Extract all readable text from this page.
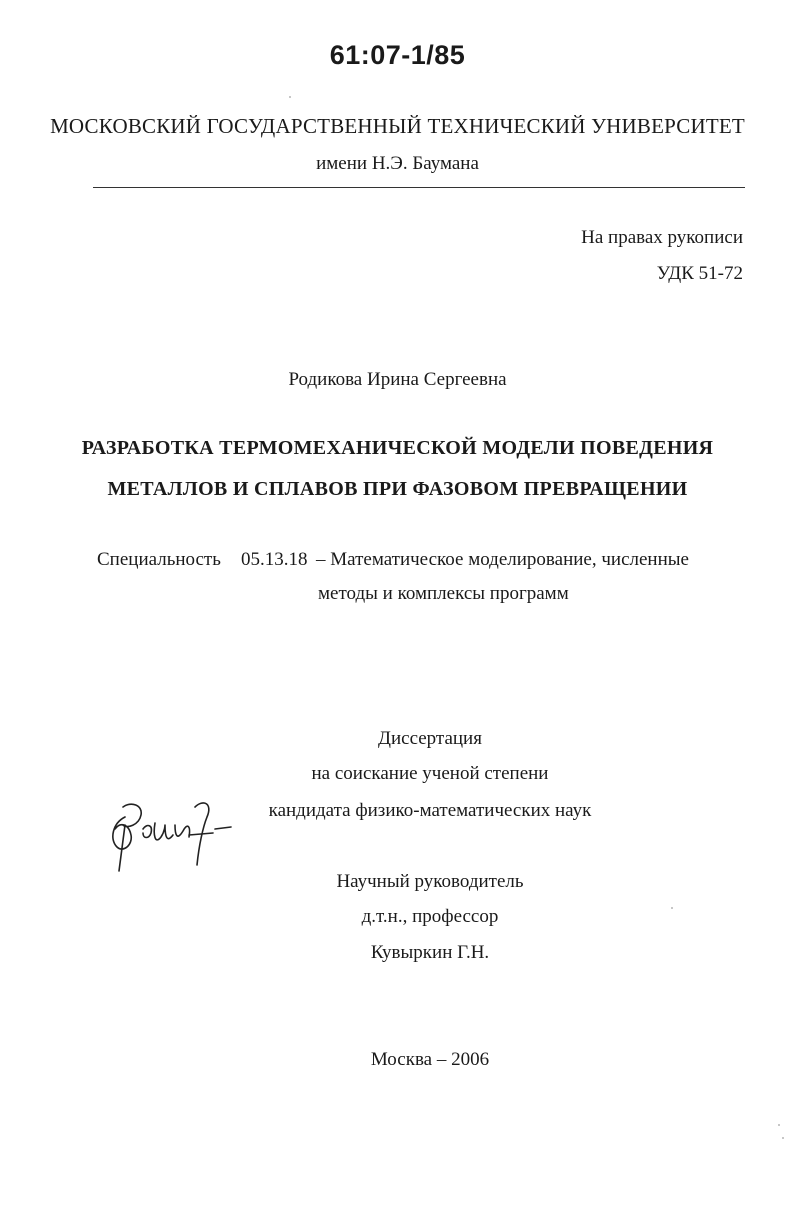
61:07-1/85
МОСКОВСКИЙ ГОСУДАРСТВЕННЫЙ ТЕХНИЧЕСКИЙ УНИВЕРСИТЕТ
имени Н.Э. Баумана
На правах рукописи
УДК 51-72
Родикова Ирина Сергеевна
РАЗРАБОТКА ТЕРМОМЕХАНИЧЕСКОЙ МОДЕЛИ ПОВЕДЕНИЯ
МЕТАЛЛОВ И СПЛАВОВ ПРИ ФАЗОВОМ ПРЕВРАЩЕНИИ
Специальность 05.13.18 – Математическое моделирование, численные
методы и комплексы программ
Диссертация
на соискание ученой степени
кандидата физико-математических наук
Научный руководитель
д.т.н., профессор
Кувыркин Г.Н.
Москва – 2006
